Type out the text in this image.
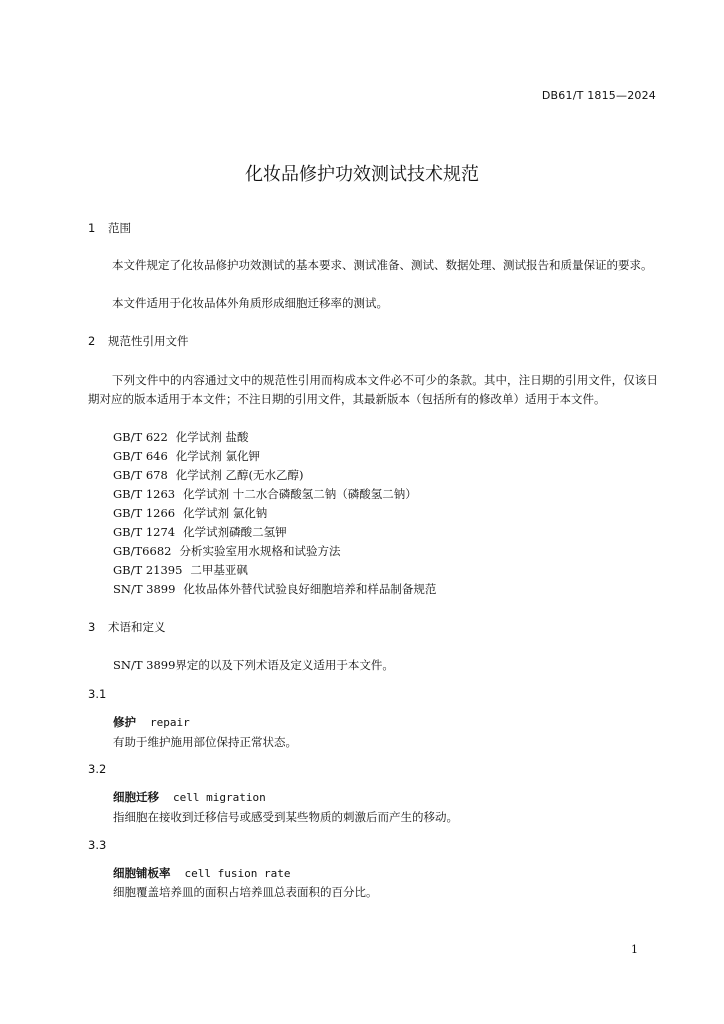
DB61/T 1815—2024
化妆品修护功效测试技术规范
1 范围
本文件规定了化妆品修护功效测试的基本要求、测试准备、测试、数据处理、测试报告和质量保证的要求。
本文件适用于化妆品体外角质形成细胞迁移率的测试。
2 规范性引用文件
下列文件中的内容通过文中的规范性引用而构成本文件必不可少的条款。其中，注日期的引用文件，仅该日期对应的版本适用于本文件；不注日期的引用文件，其最新版本（包括所有的修改单）适用于本文件。
GB/T 622 化学试剂 盐酸
GB/T 646 化学试剂 氯化钾
GB/T 678 化学试剂 乙醇(无水乙醇)
GB/T 1263 化学试剂 十二水合磷酸氢二钠（磷酸氢二钠）
GB/T 1266 化学试剂 氯化钠
GB/T 1274 化学试剂磷酸二氢钾
GB/T6682 分析实验室用水规格和试验方法
GB/T 21395 二甲基亚砜
SN/T 3899 化妆品体外替代试验良好细胞培养和样品制备规范
3 术语和定义
SN/T 3899界定的以及下列术语及定义适用于本文件。
3.1
修护 repair
有助于维护施用部位保持正常状态。
3.2
细胞迁移 cell migration
指细胞在接收到迁移信号或感受到某些物质的刺激后而产生的移动。
3.3
细胞铺板率 cell fusion rate
细胞覆盖培养皿的面积占培养皿总表面积的百分比。
1
